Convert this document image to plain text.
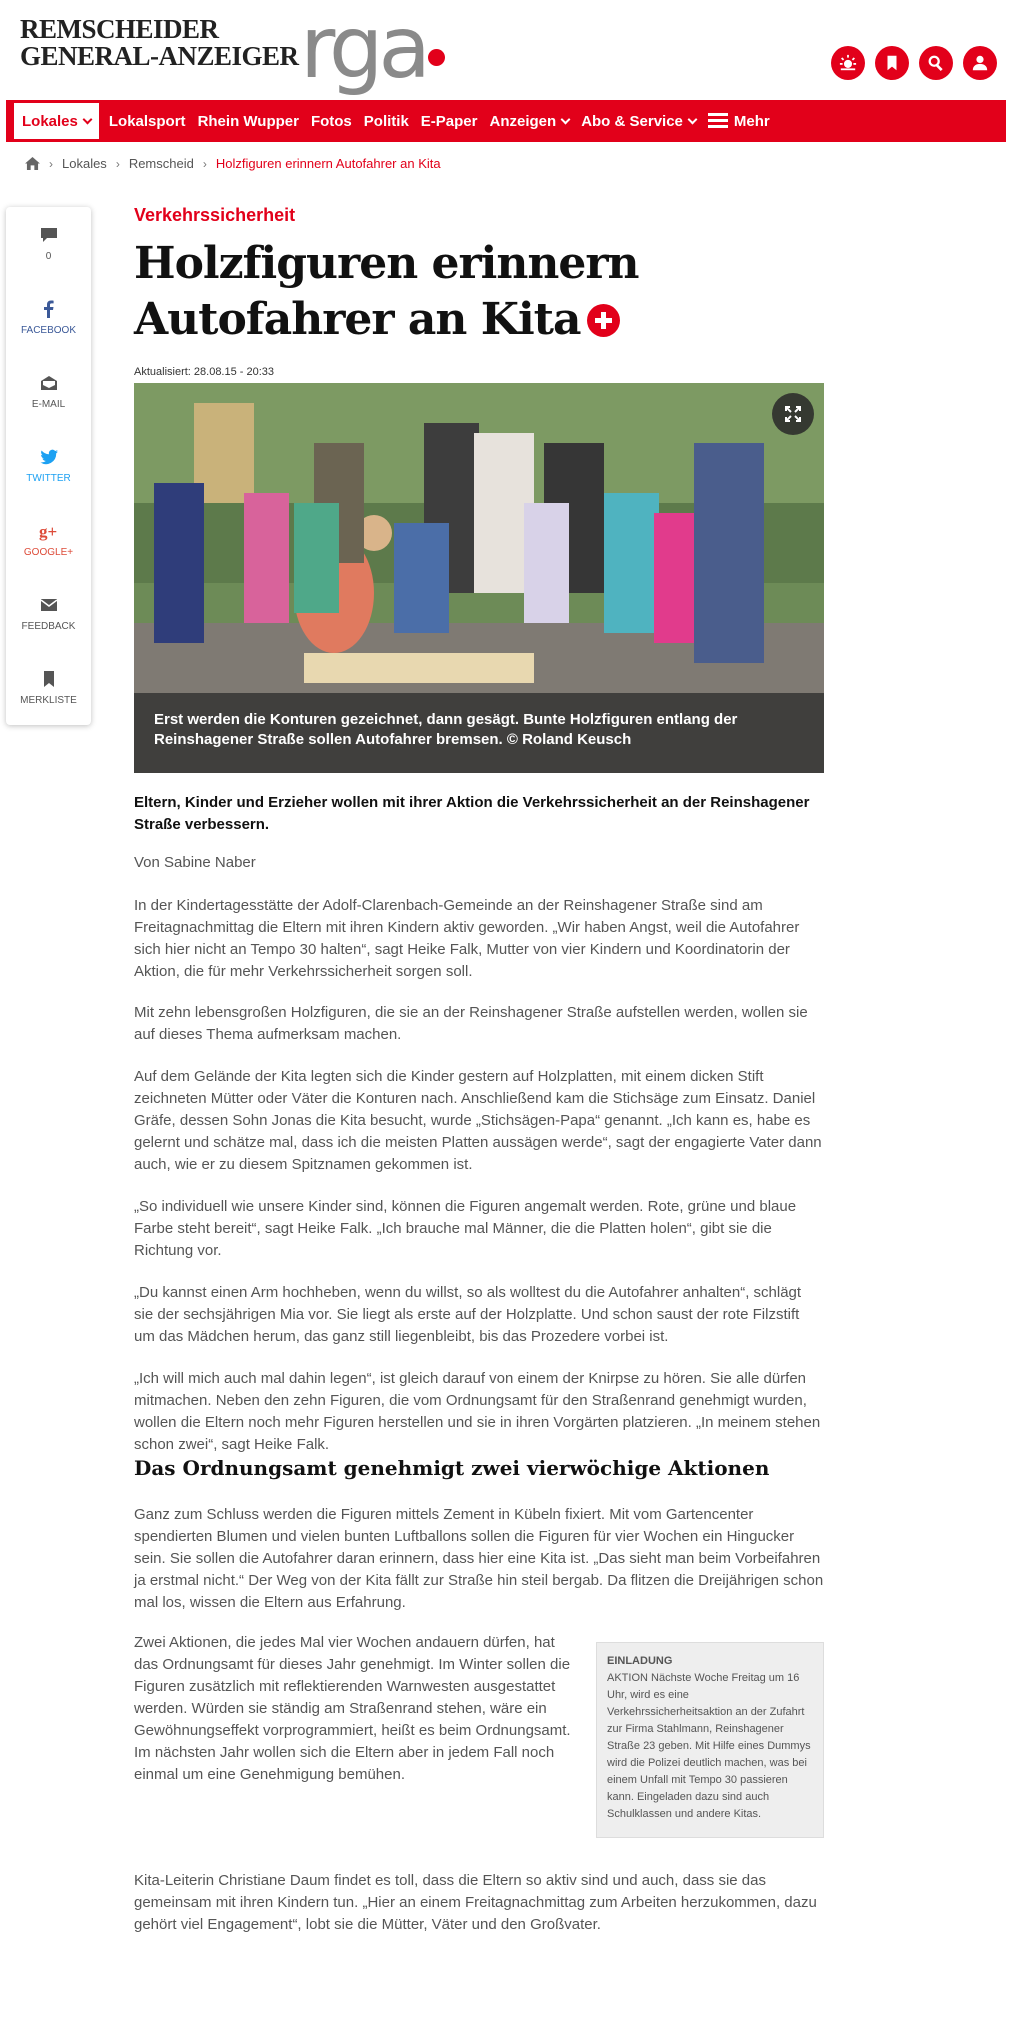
REMSCHEIDER
GENERAL-ANZEIGER rga
Lokales Lokalsport Rhein Wupper Fotos Politik E-Paper Anzeigen Abo & Service	Mehr
› Lokales › Remscheid › Holzfiguren erinnern Autofahrer an Kita
0
FACEBOOK
E-MAIL
TWITTER
g+
GOOGLE+
FEEDBACK
MERKLISTE
Verkehrssicherheit
Holzfiguren erinnern
Autofahrer an Kita
Aktualisiert: 28.08.15 - 20:33
Erst werden die Konturen gezeichnet, dann gesägt. Bunte Holzfiguren entlang der Reinshagener Straße sollen Autofahrer bremsen. © Roland Keusch
Eltern, Kinder und Erzieher wollen mit ihrer Aktion die Verkehrssicherheit an der Reinshagener Straße verbessern.
Von Sabine Naber
In der Kindertagesstätte der Adolf-Clarenbach-Gemeinde an der Reinshagener Straße sind am Freitagnachmittag die Eltern mit ihren Kindern aktiv geworden. „Wir haben Angst, weil die Autofahrer sich hier nicht an Tempo 30 halten“, sagt Heike Falk, Mutter von vier Kindern und Koordinatorin der Aktion, die für mehr Verkehrssicherheit sorgen soll.
Mit zehn lebensgroßen Holzfiguren, die sie an der Reinshagener Straße aufstellen werden, wollen sie auf dieses Thema aufmerksam machen.
Auf dem Gelände der Kita legten sich die Kinder gestern auf Holzplatten, mit einem dicken Stift zeichneten Mütter oder Väter die Konturen nach. Anschließend kam die Stichsäge zum Einsatz. Daniel Gräfe, dessen Sohn Jonas die Kita besucht, wurde „Stichsägen-Papa“ genannt. „Ich kann es, habe es gelernt und schätze mal, dass ich die meisten Platten aussägen werde“, sagt der engagierte Vater dann auch, wie er zu diesem Spitznamen gekommen ist.
„So individuell wie unsere Kinder sind, können die Figuren angemalt werden. Rote, grüne und blaue Farbe steht bereit“, sagt Heike Falk. „Ich brauche mal Männer, die die Platten holen“, gibt sie die Richtung vor.
„Du kannst einen Arm hochheben, wenn du willst, so als wolltest du die Autofahrer anhalten“, schlägt sie der sechsjährigen Mia vor. Sie liegt als erste auf der Holzplatte. Und schon saust der rote Filzstift um das Mädchen herum, das ganz still liegenbleibt, bis das Prozedere vorbei ist.
„Ich will mich auch mal dahin legen“, ist gleich darauf von einem der Knirpse zu hören. Sie alle dürfen mitmachen. Neben den zehn Figuren, die vom Ordnungsamt für den Straßenrand genehmigt wurden, wollen die Eltern noch mehr Figuren herstellen und sie in ihren Vorgärten platzieren. „In meinem stehen schon zwei“, sagt Heike Falk.
Das Ordnungsamt genehmigt zwei vierwöchige Aktionen
Ganz zum Schluss werden die Figuren mittels Zement in Kübeln fixiert. Mit vom Gartencenter spendierten Blumen und vielen bunten Luftballons sollen die Figuren für vier Wochen ein Hingucker sein. Sie sollen die Autofahrer daran erinnern, dass hier eine Kita ist. „Das sieht man beim Vorbeifahren ja erstmal nicht.“ Der Weg von der Kita fällt zur Straße hin steil bergab. Da flitzen die Dreijährigen schon mal los, wissen die Eltern aus Erfahrung.
Zwei Aktionen, die jedes Mal vier Wochen andauern dürfen, hat das Ordnungsamt für dieses Jahr genehmigt. Im Winter sollen die Figuren zusätzlich mit reflektierenden Warnwesten ausgestattet werden. Würden sie ständig am Straßenrand stehen, wäre ein Gewöhnungseffekt vorprogrammiert, heißt es beim Ordnungsamt. Im nächsten Jahr wollen sich die Eltern aber in jedem Fall noch einmal um eine Genehmigung bemühen.
EINLADUNG
AKTION Nächste Woche Freitag um 16 Uhr, wird es eine Verkehrssicherheitsaktion an der Zufahrt zur Firma Stahlmann, Reinshagener Straße 23 geben. Mit Hilfe eines Dummys wird die Polizei deutlich machen, was bei einem Unfall mit Tempo 30 passieren kann. Eingeladen dazu sind auch Schulklassen und andere Kitas.
Kita-Leiterin Christiane Daum findet es toll, dass die Eltern so aktiv sind und auch, dass sie das gemeinsam mit ihren Kindern tun. „Hier an einem Freitagnachmittag zum Arbeiten herzukommen, dazu gehört viel Engagement“, lobt sie die Mütter, Väter und den Großvater.
